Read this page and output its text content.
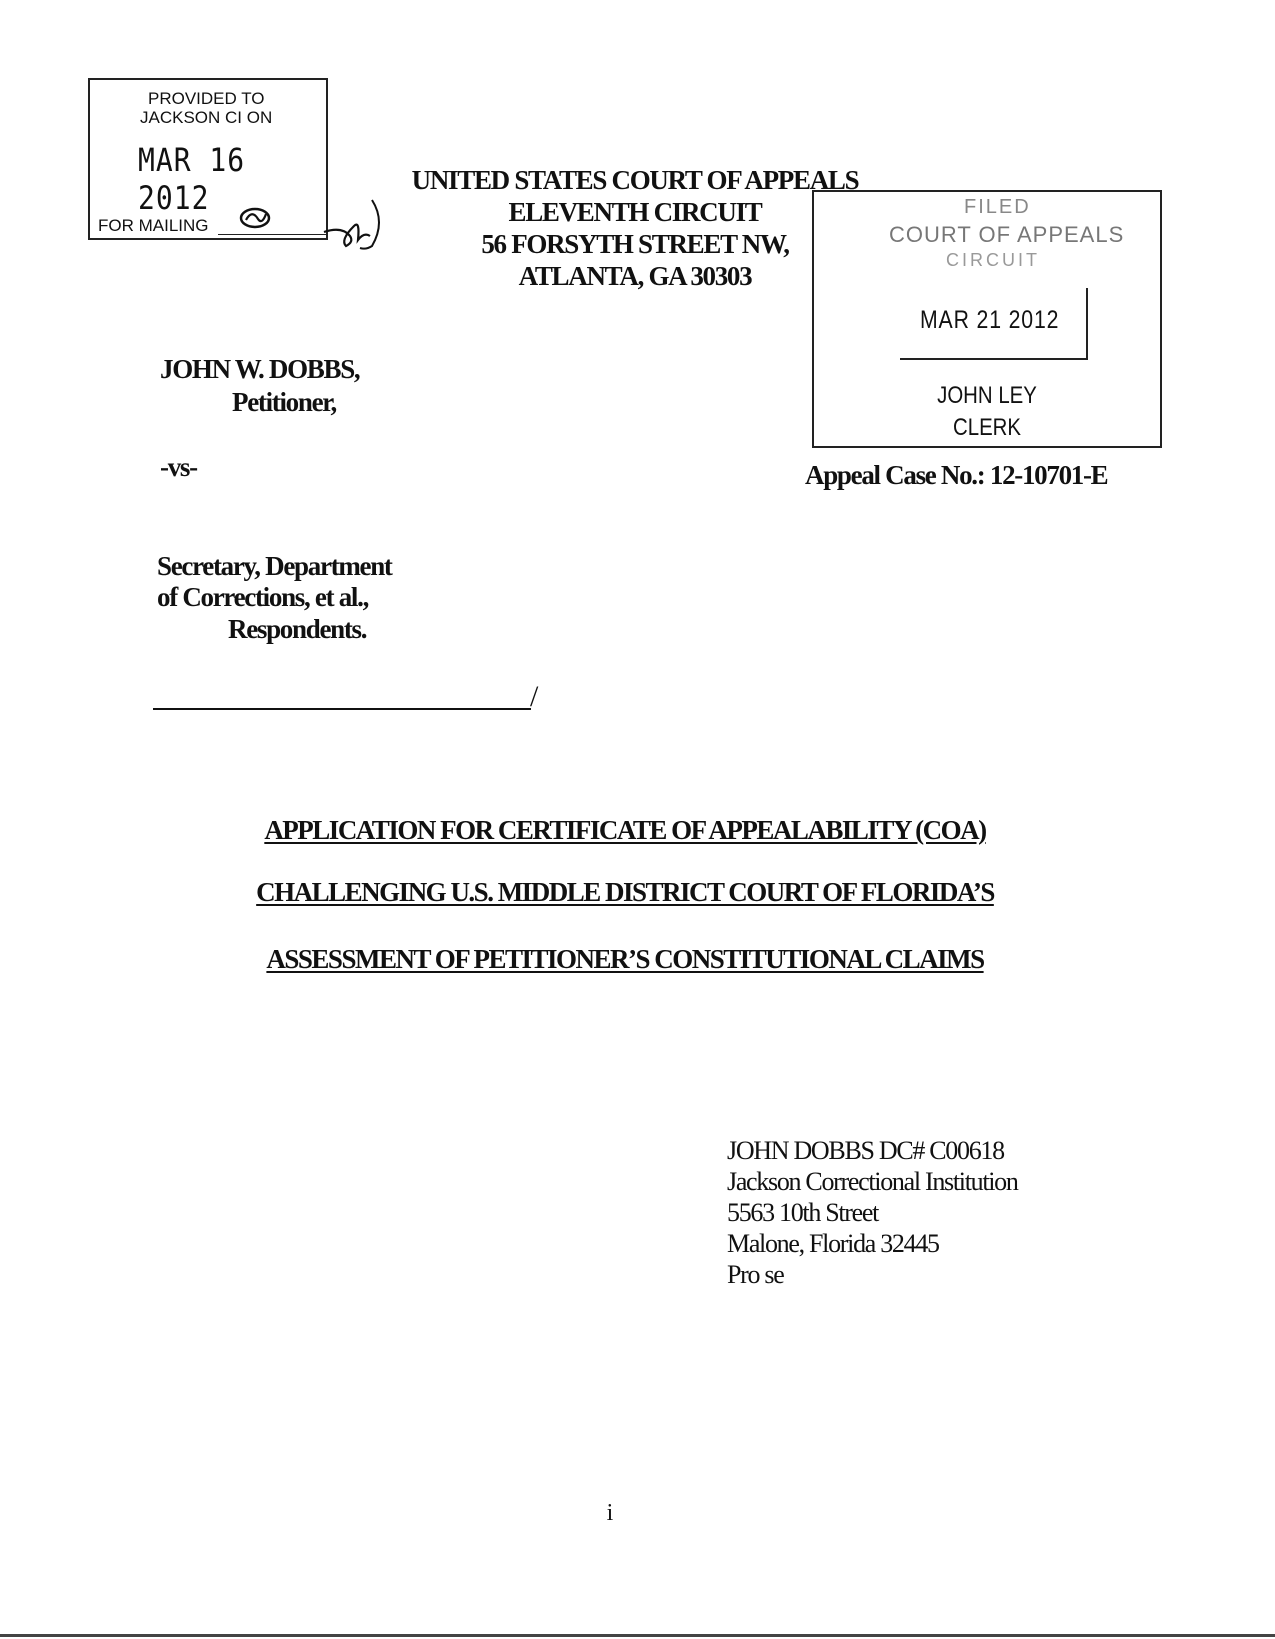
PROVIDED TO
JACKSON CI ON
MAR 16 2012
FOR MAILING
UNITED STATES COURT OF APPEALS
ELEVENTH CIRCUIT
56 FORSYTH STREET NW,
ATLANTA, GA 30303
FILED
COURT OF APPEALS
CIRCUIT
MAR 21 2012
JOHN LEY
CLERK
Appeal Case No.: 12-10701-E
JOHN W. DOBBS,
Petitioner,
-vs-
Secretary, Department
of Corrections, et al.,
Respondents.
/
APPLICATION FOR CERTIFICATE OF APPEALABILITY (COA)
CHALLENGING U.S. MIDDLE DISTRICT COURT OF FLORIDA’S
ASSESSMENT OF PETITIONER’S CONSTITUTIONAL CLAIMS
JOHN DOBBS DC# C00618
Jackson Correctional Institution
5563 10th Street
Malone, Florida 32445
Pro se
i
